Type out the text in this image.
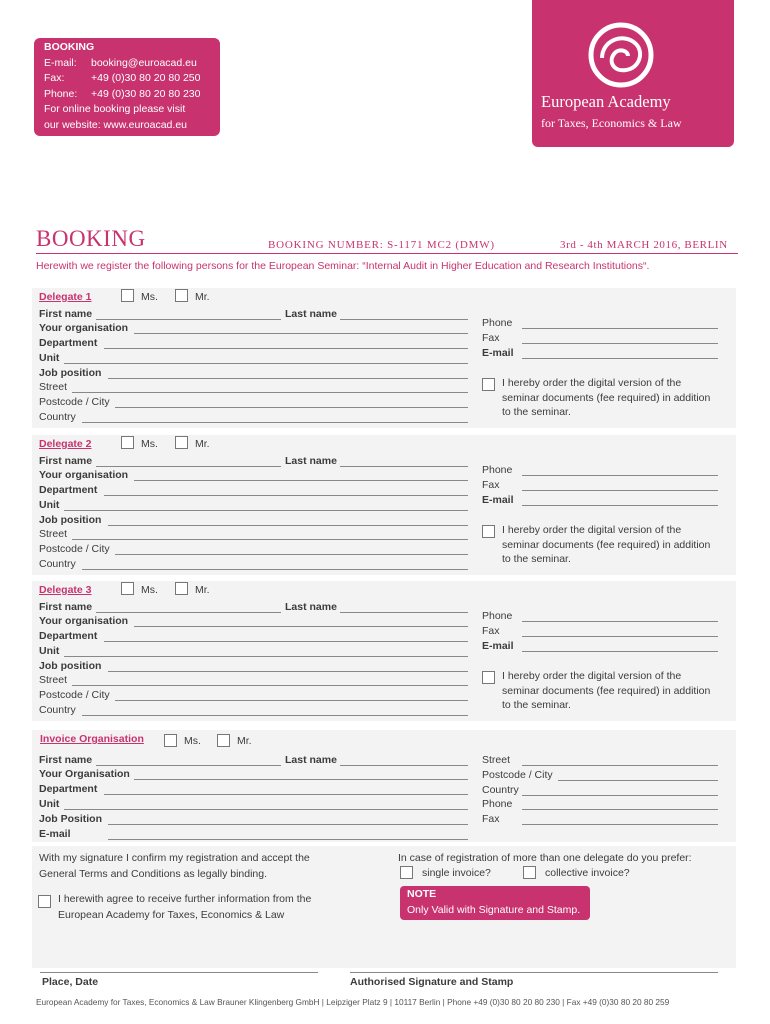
BOOKING
E-mail: booking@euroacad.eu
Fax:	+49 (0)30 80 20 80 250
Phone: +49 (0)30 80 20 80 230
For online booking please visit
our website: www.euroacad.eu
European Academy
for Taxes, Economics & Law
BOOKING	BOOKING NUMBER: S-1171 MC2 (DMW)	3rd - 4th MARCH 2016, BERLIN
Herewith we register the following persons for the European Seminar: “Internal Audit in Higher Education and Research Institutions“.
Delegate 1	Ms.	Mr.
First name	Last name
Your organisation
Department
Unit
Job position
Street
Postcode / City
Country
Phone
Fax
E-mail
I hereby order the digital version of the
seminar documents (fee required) in addition
to the seminar.
Delegate 2	Ms.	Mr.
First name	Last name
Your organisation
Department
Unit
Job position
Street
Postcode / City
Country
Phone
Fax
E-mail
I hereby order the digital version of the
seminar documents (fee required) in addition
to the seminar.
Delegate 3	Ms.	Mr.
First name	Last name
Your organisation
Department
Unit
Job position
Street
Postcode / City
Country
Phone
Fax
E-mail
I hereby order the digital version of the
seminar documents (fee required) in addition
to the seminar.
Invoice Organisation	Ms.	Mr.
First name	Last name
Your Organisation
Department
Unit
Job Position
E-mail
Street
Postcode / City
Country
Phone
Fax
With my signature I confirm my registration and accept the
General Terms and Conditions as legally binding.
I herewith agree to receive further information from the
European Academy for Taxes, Economics & Law
In case of registration of more than one delegate do you prefer:
single invoice?	collective invoice?
NOTE
Only Valid with Signature and Stamp.
Place, Date	Authorised Signature and Stamp
European Academy for Taxes, Economics & Law Brauner Klingenberg GmbH | Leipziger Platz 9 | 10117 Berlin | Phone +49 (0)30 80 20 80 230 | Fax +49 (0)30 80 20 80 259
